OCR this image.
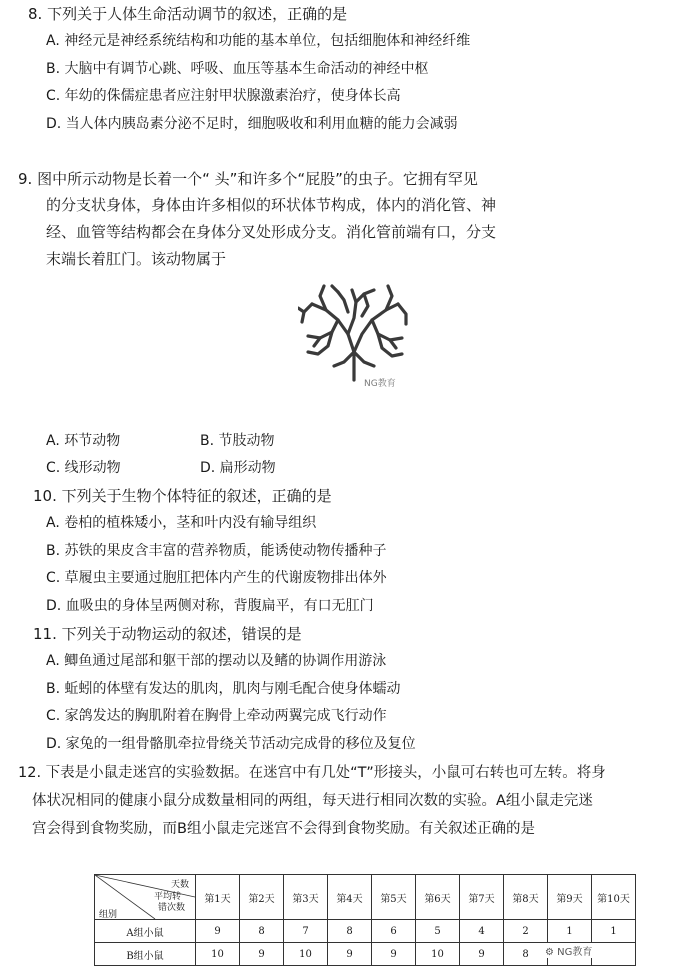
8. 下列关于人体生命活动调节的叙述，正确的是
A. 神经元是神经系统结构和功能的基本单位，包括细胞体和神经纤维
B. 大脑中有调节心跳、呼吸、血压等基本生命活动的神经中枢
C. 年幼的侏儒症患者应注射甲状腺激素治疗，使身体长高
D. 当人体内胰岛素分泌不足时，细胞吸收和利用血糖的能力会减弱
9. 图中所示动物是长着一个“ 头”和许多个“屁股”的虫子。它拥有罕见
的分支状身体，身体由许多相似的环状体节构成，体内的消化管、神
经、血管等结构都会在身体分叉处形成分支。消化管前端有口，分支
末端长着肛门。该动物属于
NG教育
A. 环节动物	B. 节肢动物
C. 线形动物	D. 扁形动物
10. 下列关于生物个体特征的叙述，正确的是
A. 卷柏的植株矮小，茎和叶内没有输导组织
B. 苏铁的果皮含丰富的营养物质，能诱使动物传播种子
C. 草履虫主要通过胞肛把体内产生的代谢废物排出体外
D. 血吸虫的身体呈两侧对称，背腹扁平，有口无肛门
11. 下列关于动物运动的叙述，错误的是
A. 鲫鱼通过尾部和躯干部的摆动以及鳍的协调作用游泳
B. 蚯蚓的体壁有发达的肌肉，肌肉与刚毛配合使身体蠕动
C. 家鸽发达的胸肌附着在胸骨上牵动两翼完成飞行动作
D. 家兔的一组骨骼肌牵拉骨绕关节活动完成骨的移位及复位
12. 下表是小鼠走迷宫的实验数据。在迷宫中有几处“T”形接头，小鼠可右转也可左转。将身
体状况相同的健康小鼠分成数量相同的两组，每天进行相同次数的实验。A组小鼠走完迷
宫会得到食物奖励，而B组小鼠走完迷宫不会得到食物奖励。有关叙述正确的是
天数
平均转
错次数
组别	第1天	第2天	第3天	第4天	第5天	第6天	第7天	第8天	第9天	第10天
A组小鼠	9	8	7	8	6	5	4	2	1	1
B组小鼠	10	9	10	9	9	10	9	8		⚙ NG教育
